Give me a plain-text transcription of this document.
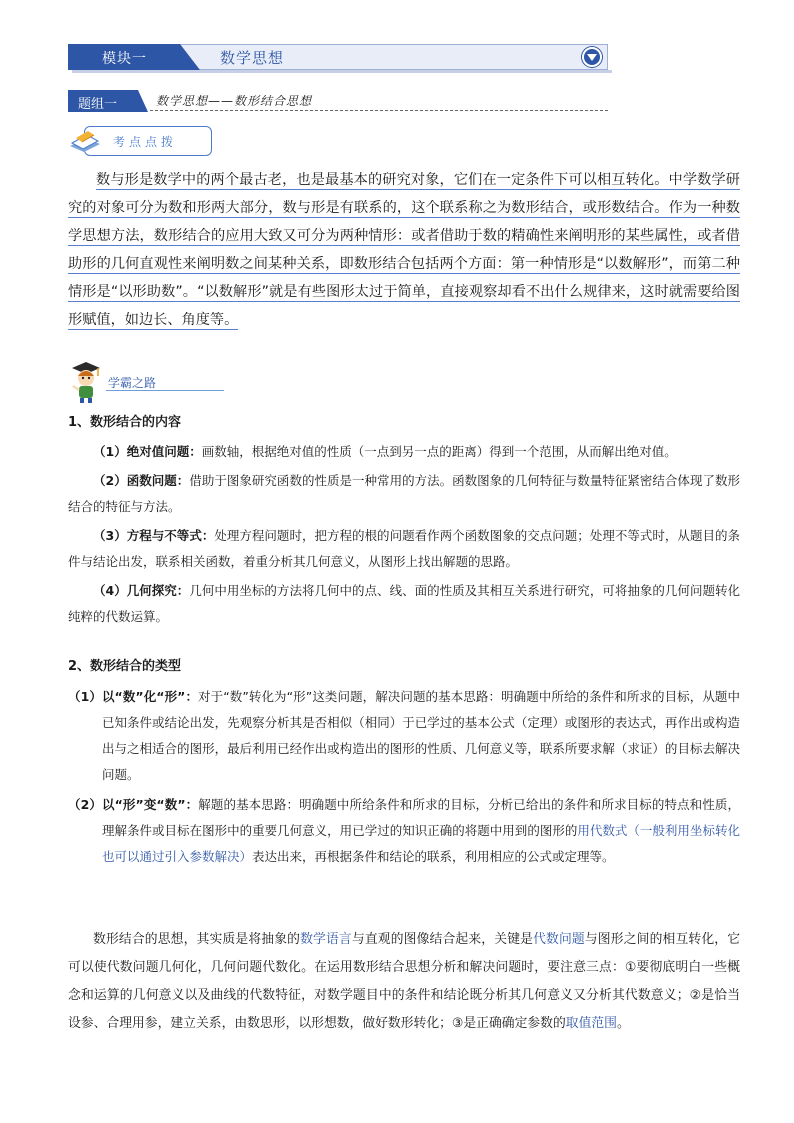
模块一	数学思想
题组一	数学思想——数形结合思想
考点点拨

数与形是数学中的两个最古老，也是最基本的研究对象，它们在一定条件下可以相互转化。中学数学研究的对象可分为数和形两大部分，数与形是有联系的，这个联系称之为数形结合，或形数结合。作为一种数学思想方法，数形结合的应用大致又可分为两种情形：或者借助于数的精确性来阐明形的某些属性，或者借助形的几何直观性来阐明数之间某种关系，即数形结合包括两个方面：第一种情形是“以数解形”，而第二种情形是“以形助数”。“以数解形”就是有些图形太过于简单，直接观察却看不出什么规律来，这时就需要给图形赋值，如边长、角度等。

学霸之路

1、数形结合的内容

（1）绝对值问题：画数轴，根据绝对值的性质（一点到另一点的距离）得到一个范围，从而解出绝对值。

（2）函数问题：借助于图象研究函数的性质是一种常用的方法。函数图象的几何特征与数量特征紧密结合体现了数形结合的特征与方法。

（3）方程与不等式：处理方程问题时，把方程的根的问题看作两个函数图象的交点问题；处理不等式时，从题目的条件与结论出发，联系相关函数，着重分析其几何意义，从图形上找出解题的思路。

（4）几何探究：几何中用坐标的方法将几何中的点、线、面的性质及其相互关系进行研究，可将抽象的几何问题转化纯粹的代数运算。

2、数形结合的类型

（1）以“数”化“形”：对于“数”转化为“形”这类问题，解决问题的基本思路：明确题中所给的条件和所求的目标，从题中已知条件或结论出发，先观察分析其是否相似（相同）于已学过的基本公式（定理）或图形的表达式，再作出或构造出与之相适合的图形，最后利用已经作出或构造出的图形的性质、几何意义等，联系所要求解（求证）的目标去解决问题。

（2）以“形”变“数”：解题的基本思路：明确题中所给条件和所求的目标，分析已给出的条件和所求目标的特点和性质，理解条件或目标在图形中的重要几何意义，用已学过的知识正确的将题中用到的图形的用代数式（一般利用坐标转化也可以通过引入参数解决）表达出来，再根据条件和结论的联系，利用相应的公式或定理等。

数形结合的思想，其实质是将抽象的数学语言与直观的图像结合起来，关键是代数问题与图形之间的相互转化，它可以使代数问题几何化，几何问题代数化。在运用数形结合思想分析和解决问题时，要注意三点：①要彻底明白一些概念和运算的几何意义以及曲线的代数特征，对数学题目中的条件和结论既分析其几何意义又分析其代数意义；②是恰当设参、合理用参，建立关系，由数思形，以形想数，做好数形转化；③是正确确定参数的取值范围。
